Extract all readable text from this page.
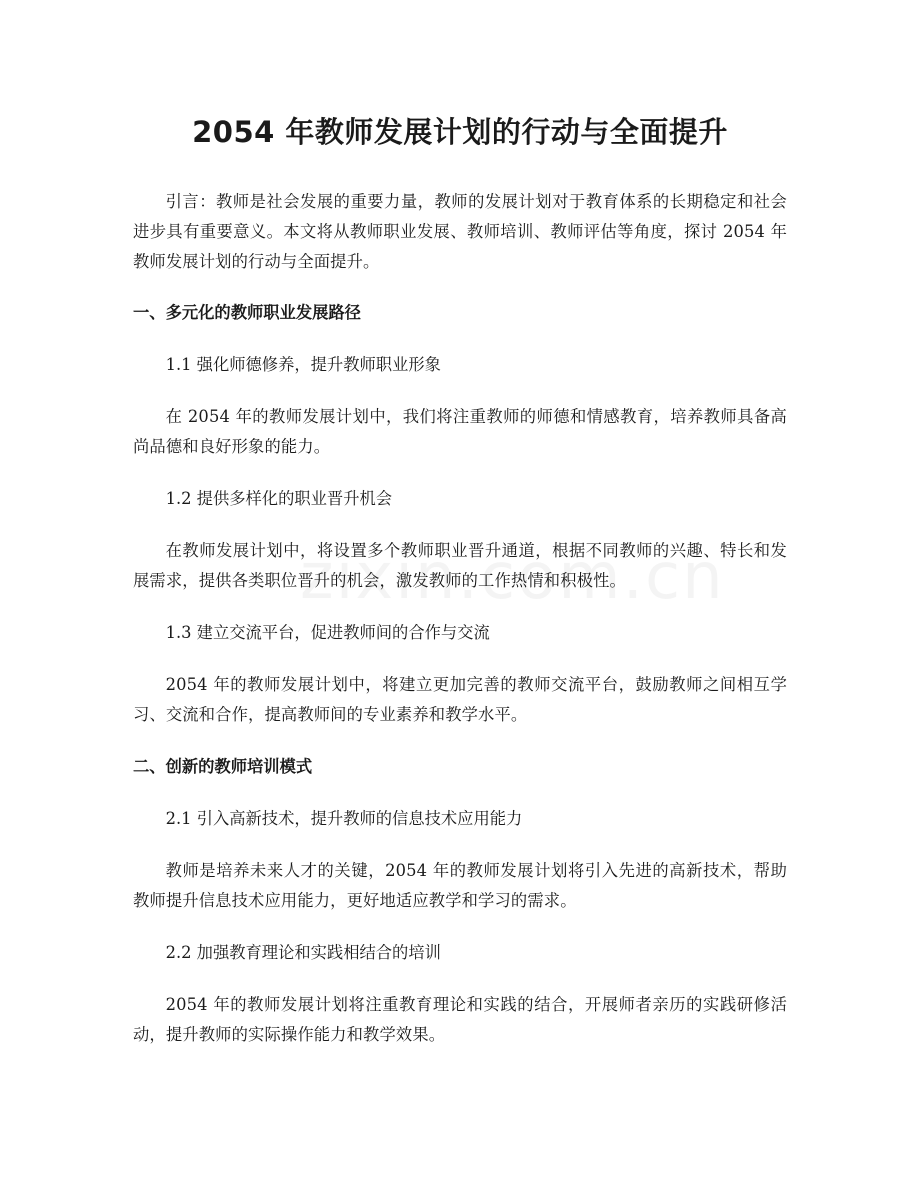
2054 年教师发展计划的行动与全面提升

引言：教师是社会发展的重要力量，教师的发展计划对于教育体系的长期稳定和社会进步具有重要意义。本文将从教师职业发展、教师培训、教师评估等角度，探讨 2054 年教师发展计划的行动与全面提升。

一、多元化的教师职业发展路径

1.1 强化师德修养，提升教师职业形象

在 2054 年的教师发展计划中，我们将注重教师的师德和情感教育，培养教师具备高尚品德和良好形象的能力。

1.2 提供多样化的职业晋升机会

在教师发展计划中，将设置多个教师职业晋升通道，根据不同教师的兴趣、特长和发展需求，提供各类职位晋升的机会，激发教师的工作热情和积极性。

1.3 建立交流平台，促进教师间的合作与交流

2054 年的教师发展计划中，将建立更加完善的教师交流平台，鼓励教师之间相互学习、交流和合作，提高教师间的专业素养和教学水平。

二、创新的教师培训模式

2.1 引入高新技术，提升教师的信息技术应用能力

教师是培养未来人才的关键，2054 年的教师发展计划将引入先进的高新技术，帮助教师提升信息技术应用能力，更好地适应教学和学习的需求。

2.2 加强教育理论和实践相结合的培训

2054 年的教师发展计划将注重教育理论和实践的结合，开展师者亲历的实践研修活动，提升教师的实际操作能力和教学效果。
